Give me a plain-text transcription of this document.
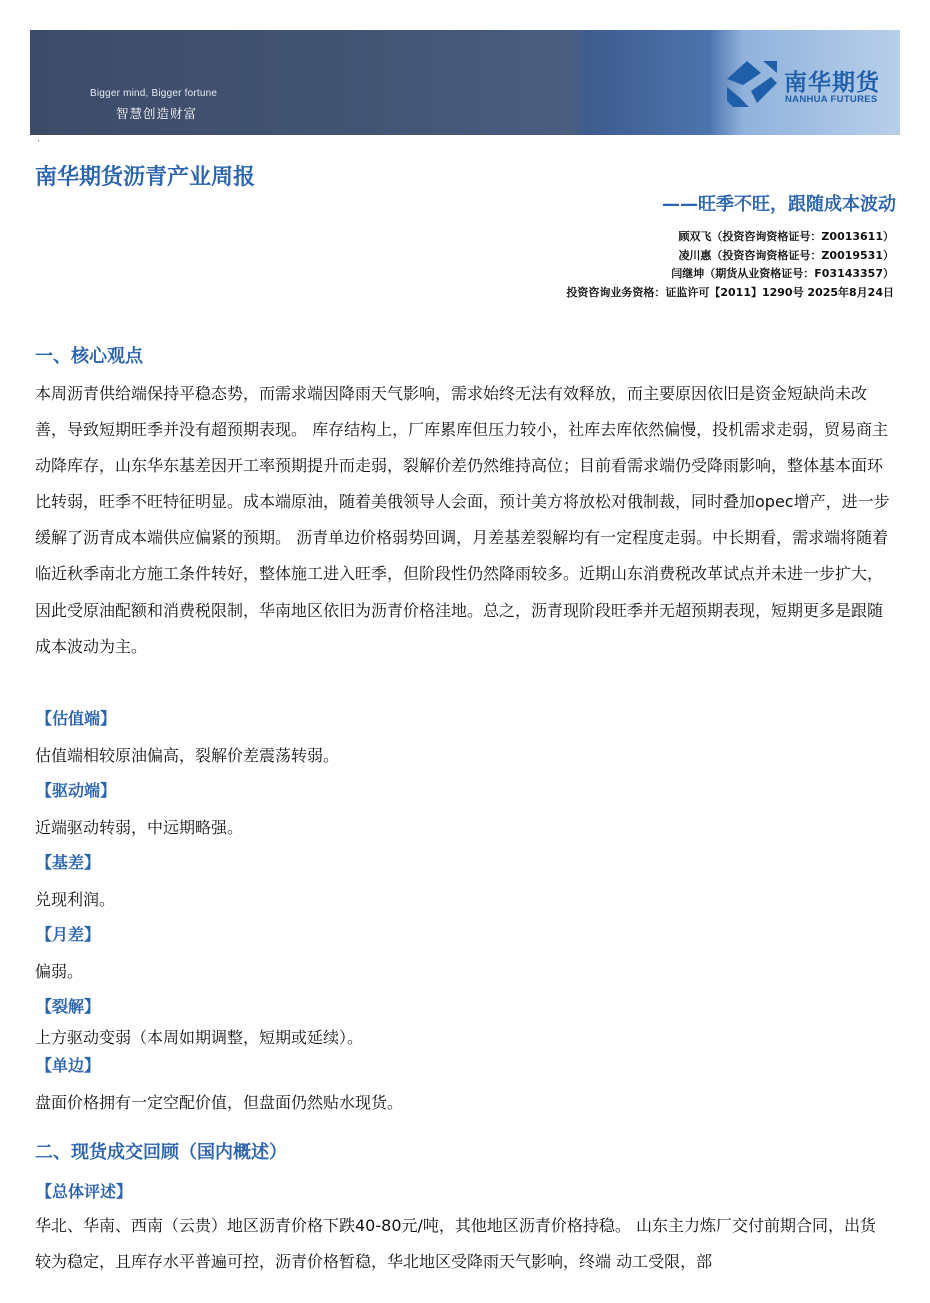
Bigger mind, Bigger fortune
智慧创造财富
南华期货
NANHUA FUTURES
·
南华期货沥青产业周报
——旺季不旺，跟随成本波动
顾双飞（投资咨询资格证号：Z0013611）
凌川惠（投资咨询资格证号：Z0019531）
闫继坤（期货从业资格证号：F03143357）
投资咨询业务资格：证监许可【2011】1290号 2025年8月24日
一、核心观点

本周沥青供给端保持平稳态势，而需求端因降雨天气影响，需求始终无法有效释放，而主要原因依旧是资金短缺尚未改善，导致短期旺季并没有超预期表现。 库存结构上，厂库累库但压力较小，社库去库依然偏慢，投机需求走弱，贸易商主动降库存，山东华东基差因开工率预期提升而走弱，裂解价差仍然维持高位；目前看需求端仍受降雨影响，整体基本面环比转弱，旺季不旺特征明显。成本端原油，随着美俄领导人会面，预计美方将放松对俄制裁，同时叠加opec增产，进一步缓解了沥青成本端供应偏紧的预期。 沥青单边价格弱势回调，月差基差裂解均有一定程度走弱。中长期看，需求端将随着临近秋季南北方施工条件转好，整体施工进入旺季，但阶段性仍然降雨较多。近期山东消费税改革试点并未进一步扩大，因此受原油配额和消费税限制，华南地区依旧为沥青价格洼地。总之，沥青现阶段旺季并无超预期表现，短期更多是跟随成本波动为主。

【估值端】
估值端相较原油偏高，裂解价差震荡转弱。
【驱动端】
近端驱动转弱，中远期略强。
【基差】
兑现利润。
【月差】
偏弱。
【裂解】
上方驱动变弱（本周如期调整，短期或延续）。
【单边】
盘面价格拥有一定空配价值，但盘面仍然贴水现货。
二、现货成交回顾（国内概述）
【总体评述】

华北、华南、西南（云贵）地区沥青价格下跌40-80元/吨，其他地区沥青价格持稳。 山东主力炼厂交付前期合同，出货较为稳定，且库存水平普遍可控，沥青价格暂稳，华北地区受降雨天气影响，终端 动工受限，部
